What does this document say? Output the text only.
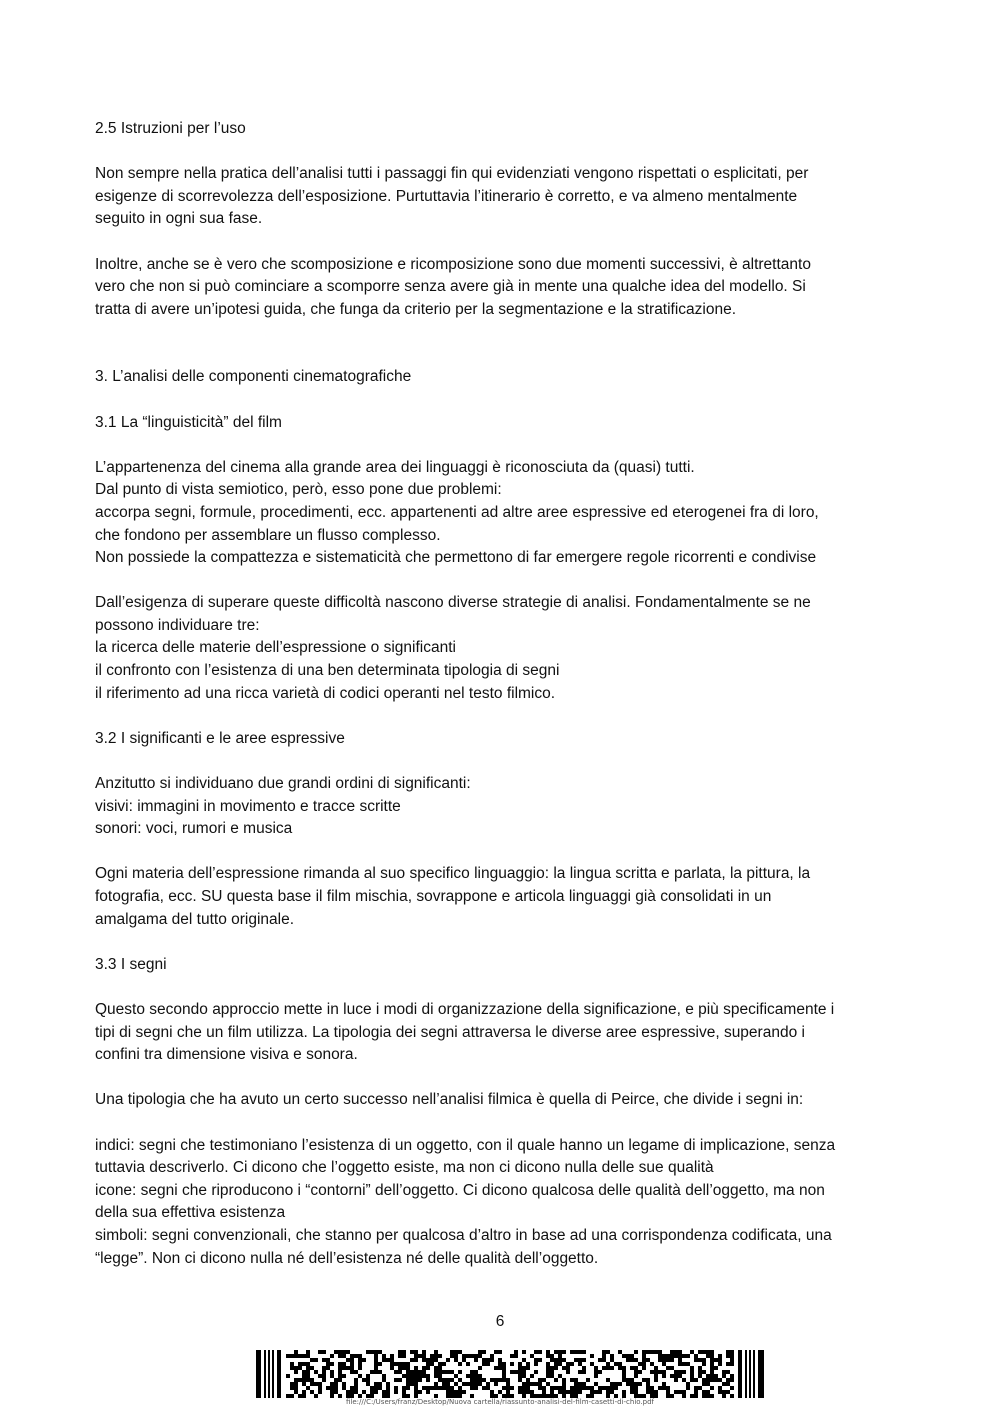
2.5 Istruzioni per l’uso
Non sempre nella pratica dell’analisi tutti i passaggi fin qui evidenziati vengono rispettati o esplicitati, per
esigenze di scorrevolezza dell’esposizione. Purtuttavia l’itinerario è corretto, e va almeno mentalmente
seguito in ogni sua fase.
Inoltre, anche se è vero che scomposizione e ricomposizione sono due momenti successivi, è altrettanto
vero che non si può cominciare a scomporre senza avere già in mente una qualche idea del modello. Si
tratta di avere un’ipotesi guida, che funga da criterio per la segmentazione e la stratificazione.
3. L’analisi delle componenti cinematografiche
3.1 La “linguisticità” del film
L’appartenenza del cinema alla grande area dei linguaggi è riconosciuta da (quasi) tutti.
Dal punto di vista semiotico, però, esso pone due problemi:
accorpa segni, formule, procedimenti, ecc. appartenenti ad altre aree espressive ed eterogenei fra di loro,
che fondono per assemblare un flusso complesso.
Non possiede la compattezza e sistematicità che permettono di far emergere regole ricorrenti e condivise
Dall’esigenza di superare queste difficoltà nascono diverse strategie di analisi. Fondamentalmente se ne
possono individuare tre:
la ricerca delle materie dell’espressione o significanti
il confronto con l’esistenza di una ben determinata tipologia di segni
il riferimento ad una ricca varietà di codici operanti nel testo filmico.
3.2 I significanti e le aree espressive
Anzitutto si individuano due grandi ordini di significanti:
visivi: immagini in movimento e tracce scritte
sonori: voci, rumori e musica
Ogni materia dell’espressione rimanda al suo specifico linguaggio: la lingua scritta e parlata, la pittura, la
fotografia, ecc. SU questa base il film mischia, sovrappone e articola linguaggi già consolidati in un
amalgama del tutto originale.
3.3 I segni
Questo secondo approccio mette in luce i modi di organizzazione della significazione, e più specificamente i
tipi di segni che un film utilizza. La tipologia dei segni attraversa le diverse aree espressive, superando i
confini tra dimensione visiva e sonora.
Una tipologia che ha avuto un certo successo nell’analisi filmica è quella di Peirce, che divide i segni in:
indici: segni che testimoniano l’esistenza di un oggetto, con il quale hanno un legame di implicazione, senza
tuttavia descriverlo. Ci dicono che l’oggetto esiste, ma non ci dicono nulla delle sue qualità
icone: segni che riproducono i “contorni” dell’oggetto. Ci dicono qualcosa delle qualità dell’oggetto, ma non
della sua effettiva esistenza
simboli: segni convenzionali, che stanno per qualcosa d’altro in base ad una corrispondenza codificata, una
“legge”. Non ci dicono nulla né dell’esistenza né delle qualità dell’oggetto.
6
file:///C:/Users/franz/Desktop/Nuova cartella/riassunto-analisi-del-film-casetti-di-chio.pdf
